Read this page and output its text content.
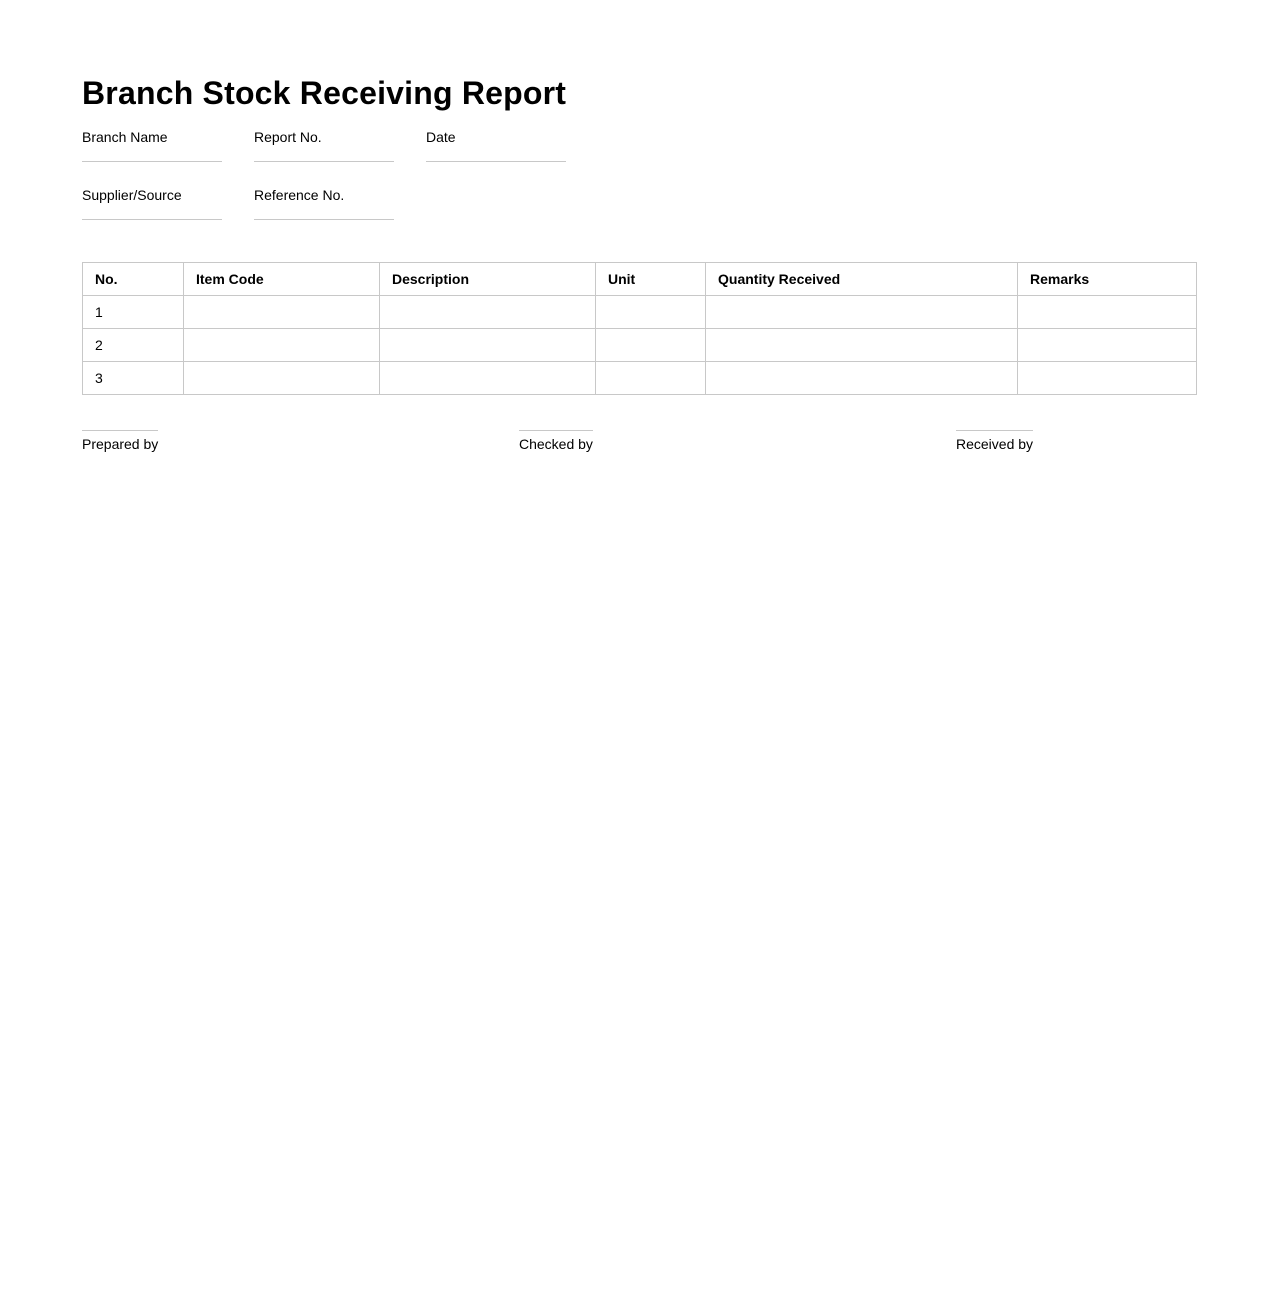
Branch Stock Receiving Report
Branch Name	Report No.	Date
Supplier/Source	Reference No.
No.	Item Code	Description	Unit	Quantity Received	Remarks
1					
2					
3					
Prepared by	Checked by	Received by
